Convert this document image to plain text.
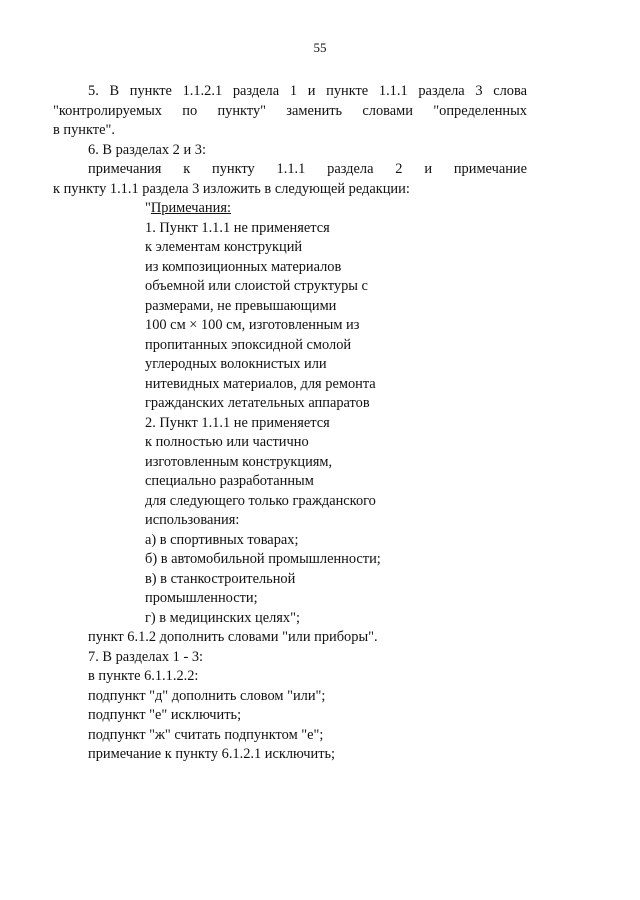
55
5. В пункте 1.1.2.1 раздела 1 и пункте 1.1.1 раздела 3 слова
"контролируемых по пункту" заменить словами "определенных
в пункте".
6. В разделах 2 и 3:
примечания к пункту 1.1.1 раздела 2 и примечание
к пункту 1.1.1 раздела 3 изложить в следующей редакции:
"Примечания:
1. Пункт 1.1.1 не применяется
к элементам конструкций
из композиционных материалов
объемной или слоистой структуры с
размерами, не превышающими
100 см × 100 см, изготовленным из
пропитанных эпоксидной смолой
углеродных волокнистых или
нитевидных материалов, для ремонта
гражданских летательных аппаратов
2. Пункт 1.1.1 не применяется
к полностью или частично
изготовленным конструкциям,
специально разработанным
для следующего только гражданского
использования:
а) в спортивных товарах;
б) в автомобильной промышленности;
в) в станкостроительной
промышленности;
г) в медицинских целях";
пункт 6.1.2 дополнить словами "или приборы".
7. В разделах 1 - 3:
в пункте 6.1.1.2.2:
подпункт "д" дополнить словом "или";
подпункт "е" исключить;
подпункт "ж" считать подпунктом "е";
примечание к пункту 6.1.2.1 исключить;
